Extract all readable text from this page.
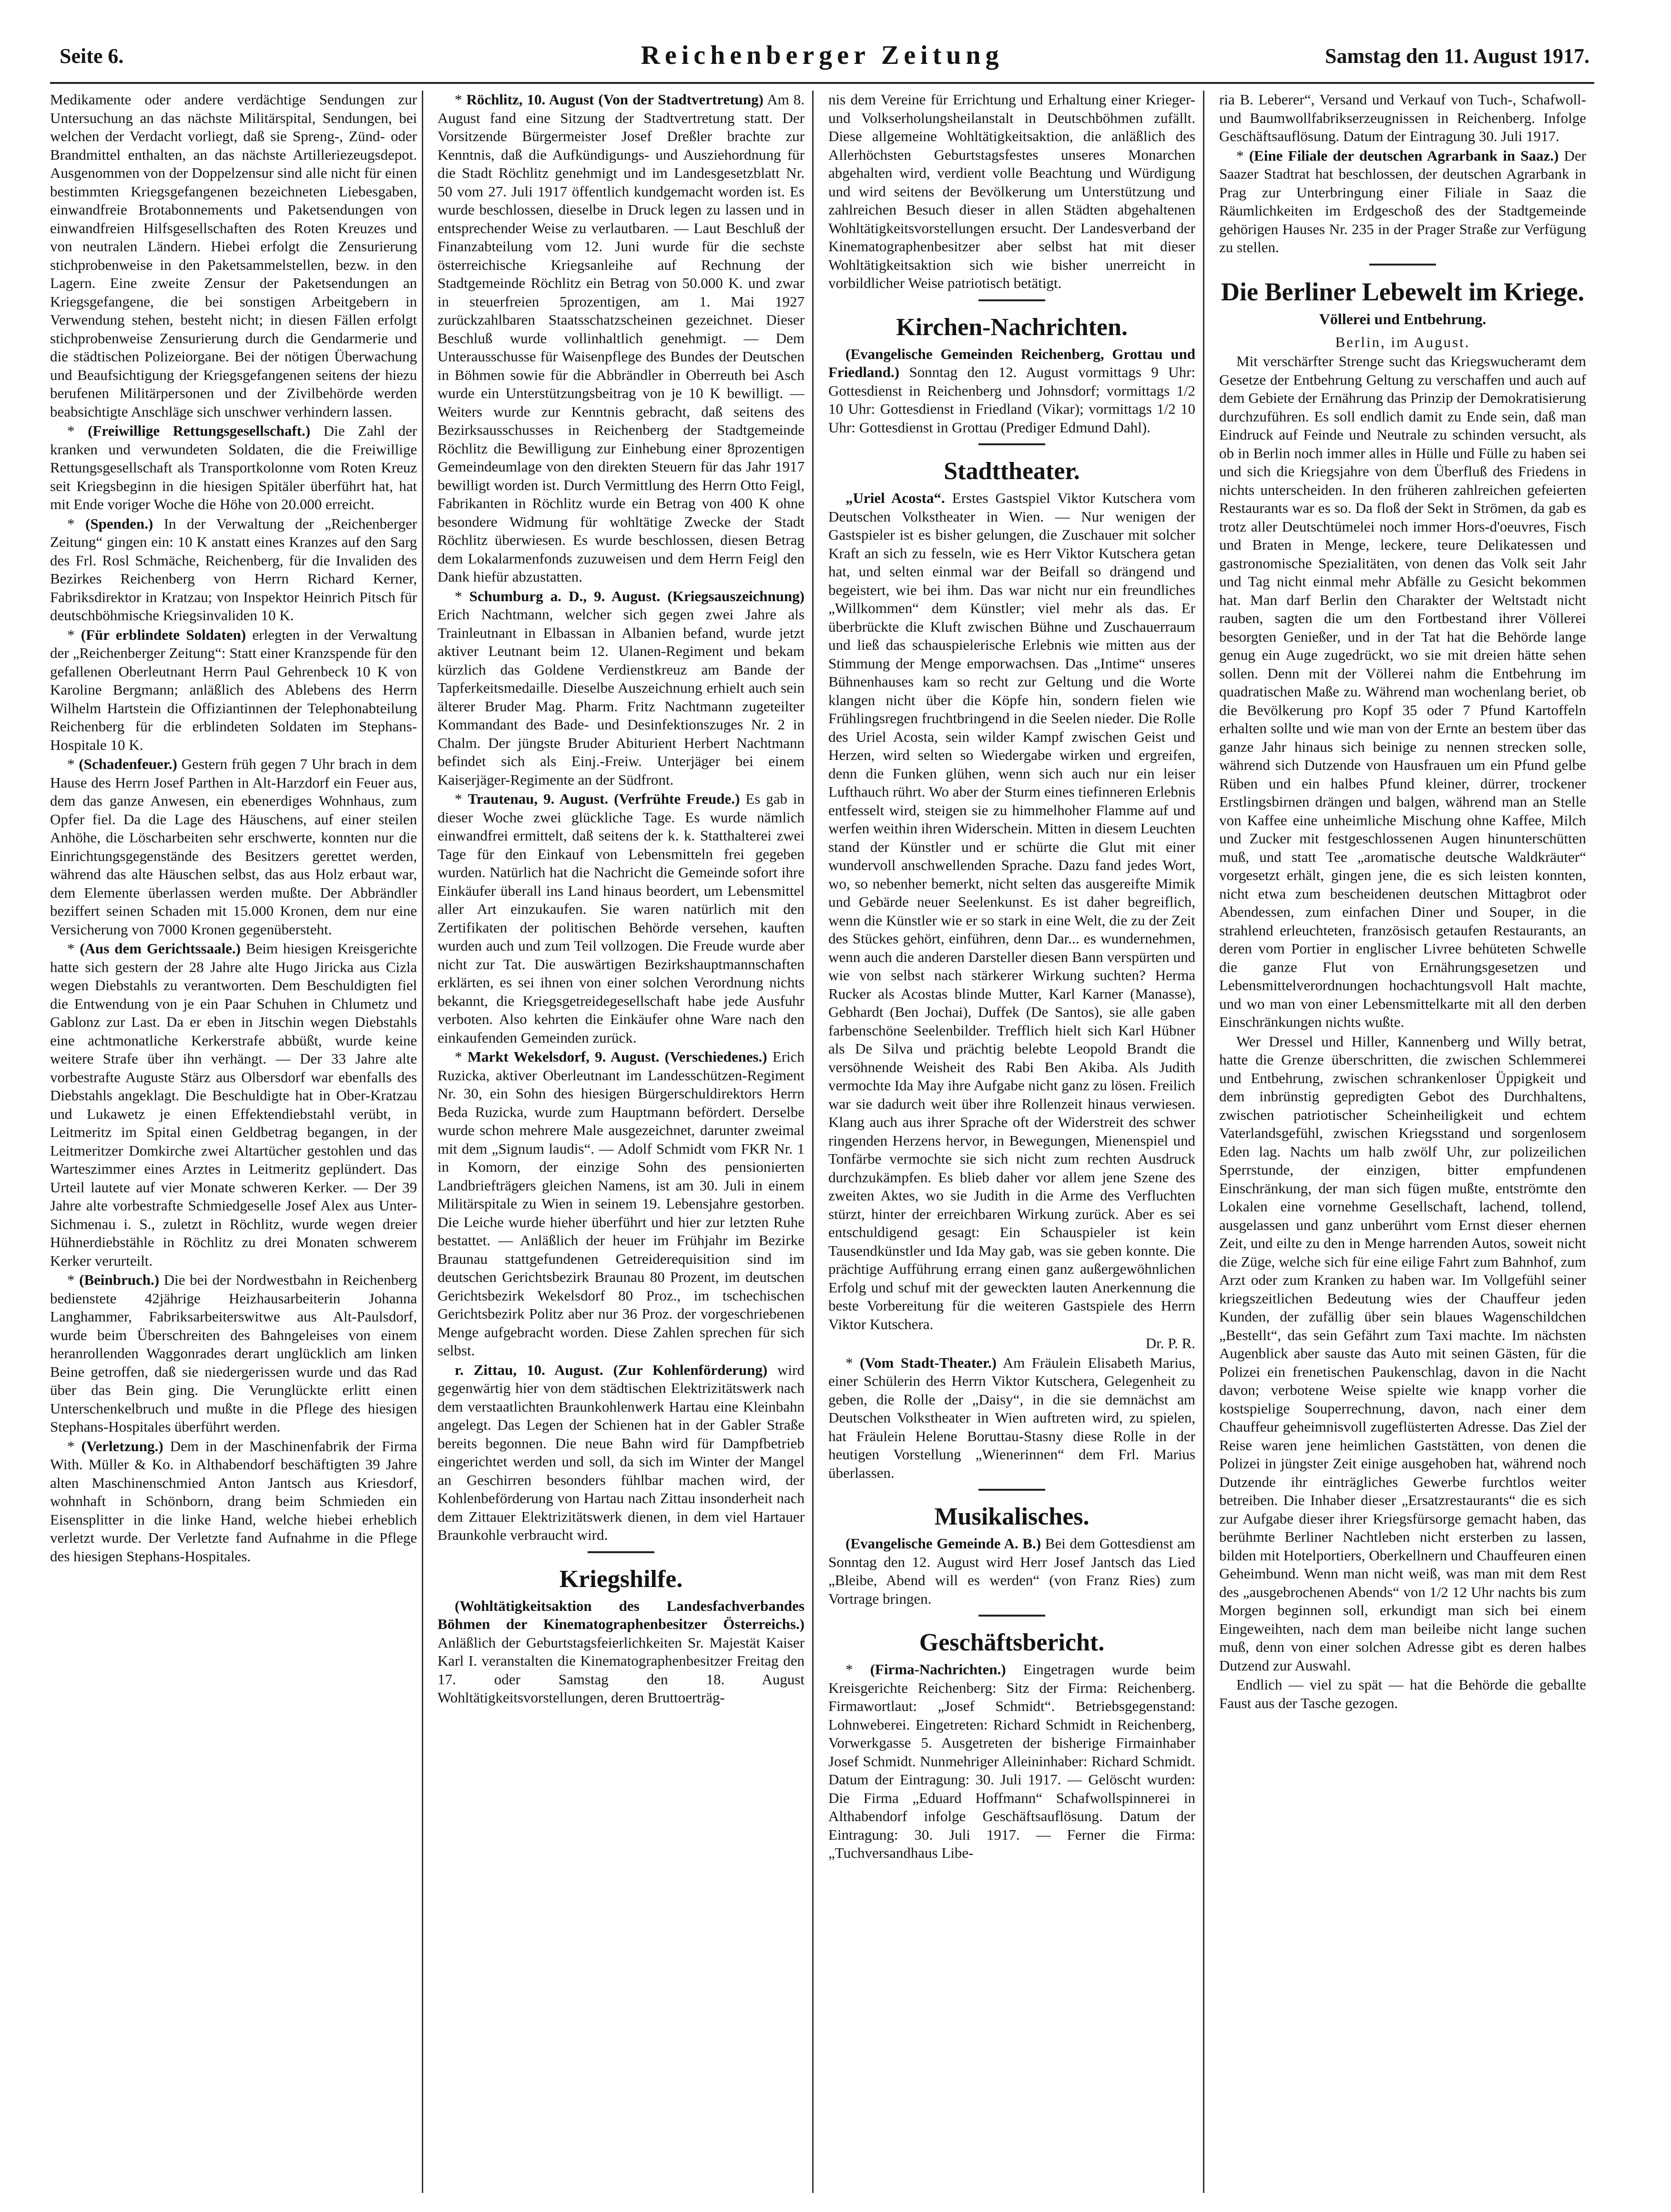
Seite 6.	Reichenberger Zeitung	Samstag den 11. August 1917.

Medikamente oder andere verdächtige Sendungen zur Untersuchung an das nächste Militärspital, Sendungen, bei welchen der Verdacht vorliegt, daß sie Spreng-, Zünd- oder Brandmittel enthalten, an das nächste Artilleriezeugsdepot. Ausgenommen von der Doppelzensur sind alle nicht für einen bestimmten Kriegsgefangenen bezeichneten Liebesgaben, einwandfreie Brotabonnements und Paketsendungen von einwandfreien Hilfsgesellschaften des Roten Kreuzes und von neutralen Ländern. Hiebei erfolgt die Zensurierung stichprobenweise in den Paketsammelstellen, bezw. in den Lagern. Eine zweite Zensur der Paketsendungen an Kriegsgefangene, die bei sonstigen Arbeitgebern in Verwendung stehen, besteht nicht; in diesen Fällen erfolgt stichprobenweise Zensurierung durch die Gendarmerie und die städtischen Polizeiorgane. Bei der nötigen Überwachung und Beaufsichtigung der Kriegsgefangenen seitens der hiezu berufenen Militärpersonen und der Zivilbehörde werden beabsichtigte Anschläge sich unschwer verhindern lassen.

* (Freiwillige Rettungsgesellschaft.) Die Zahl der kranken und verwundeten Soldaten, die die Freiwillige Rettungsgesellschaft als Transportkolonne vom Roten Kreuz seit Kriegsbeginn in die hiesigen Spitäler überführt hat, hat mit Ende voriger Woche die Höhe von 20.000 erreicht.

* (Spenden.) In der Verwaltung der „Reichenberger Zeitung“ gingen ein: 10 K anstatt eines Kranzes auf den Sarg des Frl. Rosl Schmäche, Reichenberg, für die Invaliden des Bezirkes Reichenberg von Herrn Richard Kerner, Fabriksdirektor in Kratzau; von Inspektor Heinrich Pitsch für deutschböhmische Kriegsinvaliden 10 K.

* (Für erblindete Soldaten) erlegten in der Verwaltung der „Reichenberger Zeitung“: Statt einer Kranzspende für den gefallenen Oberleutnant Herrn Paul Gehrenbeck 10 K von Karoline Bergmann; anläßlich des Ablebens des Herrn Wilhelm Hartstein die Offiziantinnen der Telephonabteilung Reichenberg für die erblindeten Soldaten im Stephans-Hospitale 10 K.

* (Schadenfeuer.) Gestern früh gegen 7 Uhr brach in dem Hause des Herrn Josef Parthen in Alt-Harzdorf ein Feuer aus, dem das ganze Anwesen, ein ebenerdiges Wohnhaus, zum Opfer fiel. Da die Lage des Häuschens, auf einer steilen Anhöhe, die Löscharbeiten sehr erschwerte, konnten nur die Einrichtungsgegenstände des Besitzers gerettet werden, während das alte Häuschen selbst, das aus Holz erbaut war, dem Elemente überlassen werden mußte. Der Abbrändler beziffert seinen Schaden mit 15.000 Kronen, dem nur eine Versicherung von 7000 Kronen gegenübersteht.

* (Aus dem Gerichtssaale.) Beim hiesigen Kreisgerichte hatte sich gestern der 28 Jahre alte Hugo Jiricka aus Cizla wegen Diebstahls zu verantworten. Dem Beschuldigten fiel die Entwendung von je ein Paar Schuhen in Chlumetz und Gablonz zur Last. Da er eben in Jitschin wegen Diebstahls eine achtmonatliche Kerkerstrafe abbüßt, wurde keine weitere Strafe über ihn verhängt. — Der 33 Jahre alte vorbestrafte Auguste Stärz aus Olbersdorf war ebenfalls des Diebstahls angeklagt. Die Beschuldigte hat in Ober-Kratzau und Lukawetz je einen Effektendiebstahl verübt, in Leitmeritz im Spital einen Geldbetrag begangen, in der Leitmeritzer Domkirche zwei Altartücher gestohlen und das Warteszimmer eines Arztes in Leitmeritz geplündert. Das Urteil lautete auf vier Monate schweren Kerker. — Der 39 Jahre alte vorbestrafte Schmiedgeselle Josef Alex aus Unter-Sichmenau i. S., zuletzt in Röchlitz, wurde wegen dreier Hühnerdiebstähle in Röchlitz zu drei Monaten schwerem Kerker verurteilt.

* (Beinbruch.) Die bei der Nordwestbahn in Reichenberg bedienstete 42jährige Heizhausarbeiterin Johanna Langhammer, Fabriksarbeiterswitwe aus Alt-Paulsdorf, wurde beim Überschreiten des Bahngeleises von einem heranrollenden Waggonrades derart unglücklich am linken Beine getroffen, daß sie niedergerissen wurde und das Rad über das Bein ging. Die Verunglückte erlitt einen Unterschenkelbruch und mußte in die Pflege des hiesigen Stephans-Hospitales überführt werden.

* (Verletzung.) Dem in der Maschinenfabrik der Firma With. Müller & Ko. in Althabendorf beschäftigten 39 Jahre alten Maschinenschmied Anton Jantsch aus Kriesdorf, wohnhaft in Schönborn, drang beim Schmieden ein Eisensplitter in die linke Hand, welche hiebei erheblich verletzt wurde. Der Verletzte fand Aufnahme in die Pflege des hiesigen Stephans-Hospitales.

* Röchlitz, 10. August (Von der Stadtvertretung) Am 8. August fand eine Sitzung der Stadtvertretung statt. Der Vorsitzende Bürgermeister Josef Dreßler brachte zur Kenntnis, daß die Aufkündigungs- und Ausziehordnung für die Stadt Röchlitz genehmigt und im Landesgesetzblatt Nr. 50 vom 27. Juli 1917 öffentlich kundgemacht worden ist. Es wurde beschlossen, dieselbe in Druck legen zu lassen und in entsprechender Weise zu verlautbaren. — Laut Beschluß der Finanzabteilung vom 12. Juni wurde für die sechste österreichische Kriegsanleihe auf Rechnung der Stadtgemeinde Röchlitz ein Betrag von 50.000 K. und zwar in steuerfreien 5prozentigen, am 1. Mai 1927 zurückzahlbaren Staatsschatzscheinen gezeichnet. Dieser Beschluß wurde vollinhaltlich genehmigt. — Dem Unterausschusse für Waisenpflege des Bundes der Deutschen in Böhmen sowie für die Abbrändler in Oberreuth bei Asch wurde ein Unterstützungsbeitrag von je 10 K bewilligt. — Weiters wurde zur Kenntnis gebracht, daß seitens des Bezirksausschusses in Reichenberg der Stadtgemeinde Röchlitz die Bewilligung zur Einhebung einer 8prozentigen Gemeindeumlage von den direkten Steuern für das Jahr 1917 bewilligt worden ist. Durch Vermittlung des Herrn Otto Feigl, Fabrikanten in Röchlitz wurde ein Betrag von 400 K ohne besondere Widmung für wohltätige Zwecke der Stadt Röchlitz überwiesen. Es wurde beschlossen, diesen Betrag dem Lokalarmenfonds zuzuweisen und dem Herrn Feigl den Dank hiefür abzustatten.

* Schumburg a. D., 9. August. (Kriegsauszeichnung) Erich Nachtmann, welcher sich gegen zwei Jahre als Trainleutnant in Elbassan in Albanien befand, wurde jetzt aktiver Leutnant beim 12. Ulanen-Regiment und bekam kürzlich das Goldene Verdienstkreuz am Bande der Tapferkeitsmedaille. Dieselbe Auszeichnung erhielt auch sein älterer Bruder Mag. Pharm. Fritz Nachtmann zugeteilter Kommandant des Bade- und Desinfektionszuges Nr. 2 in Chalm. Der jüngste Bruder Abiturient Herbert Nachtmann befindet sich als Einj.-Freiw. Unterjäger bei einem Kaiserjäger-Regimente an der Südfront.

* Trautenau, 9. August. (Verfrühte Freude.) Es gab in dieser Woche zwei glückliche Tage. Es wurde nämlich einwandfrei ermittelt, daß seitens der k. k. Statthalterei zwei Tage für den Einkauf von Lebensmitteln frei gegeben wurden. Natürlich hat die Nachricht die Gemeinde sofort ihre Einkäufer überall ins Land hinaus beordert, um Lebensmittel aller Art einzukaufen. Sie waren natürlich mit den Zertifikaten der politischen Behörde versehen, kauften wurden auch und zum Teil vollzogen. Die Freude wurde aber nicht zur Tat. Die auswärtigen Bezirkshauptmannschaften erklärten, es sei ihnen von einer solchen Verordnung nichts bekannt, die Kriegsgetreidegesellschaft habe jede Ausfuhr verboten. Also kehrten die Einkäufer ohne Ware nach den einkaufenden Gemeinden zurück.

* Markt Wekelsdorf, 9. August. (Verschiedenes.) Erich Ruzicka, aktiver Oberleutnant im Landesschützen-Regiment Nr. 30, ein Sohn des hiesigen Bürgerschuldirektors Herrn Beda Ruzicka, wurde zum Hauptmann befördert. Derselbe wurde schon mehrere Male ausgezeichnet, darunter zweimal mit dem „Signum laudis“. — Adolf Schmidt vom FKR Nr. 1 in Komorn, der einzige Sohn des pensionierten Landbriefträgers gleichen Namens, ist am 30. Juli in einem Militärspitale zu Wien in seinem 19. Lebensjahre gestorben. Die Leiche wurde hieher überführt und hier zur letzten Ruhe bestattet. — Anläßlich der heuer im Frühjahr im Bezirke Braunau stattgefundenen Getreiderequisition sind im deutschen Gerichtsbezirk Braunau 80 Prozent, im deutschen Gerichtsbezirk Wekelsdorf 80 Proz., im tschechischen Gerichtsbezirk Politz aber nur 36 Proz. der vorgeschriebenen Menge aufgebracht worden. Diese Zahlen sprechen für sich selbst.

r. Zittau, 10. August. (Zur Kohlenförderung) wird gegenwärtig hier von dem städtischen Elektrizitätswerk nach dem verstaatlichten Braunkohlenwerk Hartau eine Kleinbahn angelegt. Das Legen der Schienen hat in der Gabler Straße bereits begonnen. Die neue Bahn wird für Dampfbetrieb eingerichtet werden und soll, da sich im Winter der Mangel an Geschirren besonders fühlbar machen wird, der Kohlenbeförderung von Hartau nach Zittau insonderheit nach dem Zittauer Elektrizitätswerk dienen, in dem viel Hartauer Braunkohle verbraucht wird.

Kriegshilfe.

(Wohltätigkeitsaktion des Landesfachverbandes Böhmen der Kinematographenbesitzer Österreichs.) Anläßlich der Geburtstagsfeierlichkeiten Sr. Majestät Kaiser Karl I. veranstalten die Kinematographenbesitzer Freitag den 17. oder Samstag den 18. August Wohltätigkeitsvorstellungen, deren Bruttoerträg-

nis dem Vereine für Errichtung und Erhaltung einer Krieger- und Volkserholungsheilanstalt in Deutschböhmen zufällt. Diese allgemeine Wohltätigkeitsaktion, die anläßlich des Allerhöchsten Geburtstagsfestes unseres Monarchen abgehalten wird, verdient volle Beachtung und Würdigung und wird seitens der Bevölkerung um Unterstützung und zahlreichen Besuch dieser in allen Städten abgehaltenen Wohltätigkeitsvorstellungen ersucht. Der Landesverband der Kinematographenbesitzer aber selbst hat mit dieser Wohltätigkeitsaktion sich wie bisher unerreicht in vorbildlicher Weise patriotisch betätigt.

Kirchen-Nachrichten.

(Evangelische Gemeinden Reichenberg, Grottau und Friedland.) Sonntag den 12. August vormittags 9 Uhr: Gottesdienst in Reichenberg und Johnsdorf; vormittags 1/2 10 Uhr: Gottesdienst in Friedland (Vikar); vormittags 1/2 10 Uhr: Gottesdienst in Grottau (Prediger Edmund Dahl).

Stadttheater.

„Uriel Acosta“. Erstes Gastspiel Viktor Kutschera vom Deutschen Volkstheater in Wien. — Nur wenigen der Gastspieler ist es bisher gelungen, die Zuschauer mit solcher Kraft an sich zu fesseln, wie es Herr Viktor Kutschera getan hat, und selten einmal war der Beifall so drängend und begeistert, wie bei ihm. Das war nicht nur ein freundliches „Willkommen“ dem Künstler; viel mehr als das. Er überbrückte die Kluft zwischen Bühne und Zuschauerraum und ließ das schauspielerische Erlebnis wie mitten aus der Stimmung der Menge emporwachsen. Das „Intime“ unseres Bühnenhauses kam so recht zur Geltung und die Worte klangen nicht über die Köpfe hin, sondern fielen wie Frühlingsregen fruchtbringend in die Seelen nieder. Die Rolle des Uriel Acosta, sein wilder Kampf zwischen Geist und Herzen, wird selten so Wiedergabe wirken und ergreifen, denn die Funken glühen, wenn sich auch nur ein leiser Lufthauch rührt. Wo aber der Sturm eines tiefinneren Erlebnis entfesselt wird, steigen sie zu himmelhoher Flamme auf und werfen weithin ihren Widerschein. Mitten in diesem Leuchten stand der Künstler und er schürte die Glut mit einer wundervoll anschwellenden Sprache. Dazu fand jedes Wort, wo, so nebenher bemerkt, nicht selten das ausgereifte Mimik und Gebärde neuer Seelenkunst. Es ist daher begreiflich, wenn die Künstler wie er so stark in eine Welt, die zu der Zeit des Stückes gehört, einführen, denn Dar... es wundernehmen, wenn auch die anderen Darsteller diesen Bann verspürten und wie von selbst nach stärkerer Wirkung suchten? Herma Rucker als Acostas blinde Mutter, Karl Karner (Manasse), Gebhardt (Ben Jochai), Duffek (De Santos), sie alle gaben farbenschöne Seelenbilder. Trefflich hielt sich Karl Hübner als De Silva und prächtig belebte Leopold Brandt die versöhnende Weisheit des Rabi Ben Akiba. Als Judith vermochte Ida May ihre Aufgabe nicht ganz zu lösen. Freilich war sie dadurch weit über ihre Rollenzeit hinaus verwiesen. Klang auch aus ihrer Sprache oft der Widerstreit des schwer ringenden Herzens hervor, in Bewegungen, Mienenspiel und Tonfärbe vermochte sie sich nicht zum rechten Ausdruck durchzukämpfen. Es blieb daher vor allem jene Szene des zweiten Aktes, wo sie Judith in die Arme des Verfluchten stürzt, hinter der erreichbaren Wirkung zurück. Aber es sei entschuldigend gesagt: Ein Schauspieler ist kein Tausendkünstler und Ida May gab, was sie geben konnte. Die prächtige Aufführung errang einen ganz außergewöhnlichen Erfolg und schuf mit der geweckten lauten Anerkennung die beste Vorbereitung für die weiteren Gastspiele des Herrn Viktor Kutschera.

Dr. P. R.

* (Vom Stadt-Theater.) Am Fräulein Elisabeth Marius, einer Schülerin des Herrn Viktor Kutschera, Gelegenheit zu geben, die Rolle der „Daisy“, in die sie demnächst am Deutschen Volkstheater in Wien auftreten wird, zu spielen, hat Fräulein Helene Boruttau-Stasny diese Rolle in der heutigen Vorstellung „Wienerinnen“ dem Frl. Marius überlassen.

Musikalisches.

(Evangelische Gemeinde A. B.) Bei dem Gottesdienst am Sonntag den 12. August wird Herr Josef Jantsch das Lied „Bleibe, Abend will es werden“ (von Franz Ries) zum Vortrage bringen.

Geschäftsbericht.

* (Firma-Nachrichten.) Eingetragen wurde beim Kreisgerichte Reichenberg: Sitz der Firma: Reichenberg. Firmawortlaut: „Josef Schmidt“. Betriebsgegenstand: Lohnweberei. Eingetreten: Richard Schmidt in Reichenberg, Vorwerkgasse 5. Ausgetreten der bisherige Firmainhaber Josef Schmidt. Nunmehriger Alleininhaber: Richard Schmidt. Datum der Eintragung: 30. Juli 1917. — Gelöscht wurden: Die Firma „Eduard Hoffmann“ Schafwollspinnerei in Althabendorf infolge Geschäftsauflösung. Datum der Eintragung: 30. Juli 1917. — Ferner die Firma: „Tuchversandhaus Libe-

ria B. Leberer“, Versand und Verkauf von Tuch-, Schafwoll- und Baumwollfabrikserzeugnissen in Reichenberg. Infolge Geschäftsauflösung. Datum der Eintragung 30. Juli 1917.

* (Eine Filiale der deutschen Agrarbank in Saaz.) Der Saazer Stadtrat hat beschlossen, der deutschen Agrarbank in Prag zur Unterbringung einer Filiale in Saaz die Räumlichkeiten im Erdgeschoß des der Stadtgemeinde gehörigen Hauses Nr. 235 in der Prager Straße zur Verfügung zu stellen.

Die Berliner Lebewelt im Kriege.
Völlerei und Entbehrung.

Berlin, im August.

Mit verschärfter Strenge sucht das Kriegswucheramt dem Gesetze der Entbehrung Geltung zu verschaffen und auch auf dem Gebiete der Ernährung das Prinzip der Demokratisierung durchzuführen. Es soll endlich damit zu Ende sein, daß man Eindruck auf Feinde und Neutrale zu schinden versucht, als ob in Berlin noch immer alles in Hülle und Fülle zu haben sei und sich die Kriegsjahre von dem Überfluß des Friedens in nichts unterscheiden. In den früheren zahlreichen gefeierten Restaurants war es so. Da floß der Sekt in Strömen, da gab es trotz aller Deutschtümelei noch immer Hors-d'oeuvres, Fisch und Braten in Menge, leckere, teure Delikatessen und gastronomische Spezialitäten, von denen das Volk seit Jahr und Tag nicht einmal mehr Abfälle zu Gesicht bekommen hat. Man darf Berlin den Charakter der Weltstadt nicht rauben, sagten die um den Fortbestand ihrer Völlerei besorgten Genießer, und in der Tat hat die Behörde lange genug ein Auge zugedrückt, wo sie mit dreien hätte sehen sollen. Denn mit der Völlerei nahm die Entbehrung im quadratischen Maße zu. Während man wochenlang beriet, ob die Bevölkerung pro Kopf 35 oder 7 Pfund Kartoffeln erhalten sollte und wie man von der Ernte an bestem über das ganze Jahr hinaus sich beinige zu nennen strecken solle, während sich Dutzende von Hausfrauen um ein Pfund gelbe Rüben und ein halbes Pfund kleiner, dürrer, trockener Erstlingsbirnen drängen und balgen, während man an Stelle von Kaffee eine unheimliche Mischung ohne Kaffee, Milch und Zucker mit festgeschlossenen Augen hinunterschütten muß, und statt Tee „aromatische deutsche Waldkräuter“ vorgesetzt erhält, gingen jene, die es sich leisten konnten, nicht etwa zum bescheidenen deutschen Mittagbrot oder Abendessen, zum einfachen Diner und Souper, in die strahlend erleuchteten, französisch getaufen Restaurants, an deren vom Portier in englischer Livree behüteten Schwelle die ganze Flut von Ernährungsgesetzen und Lebensmittelverordnungen hochachtungsvoll Halt machte, und wo man von einer Lebensmittelkarte mit all den derben Einschränkungen nichts wußte.

Wer Dressel und Hiller, Kannenberg und Willy betrat, hatte die Grenze überschritten, die zwischen Schlemmerei und Entbehrung, zwischen schrankenloser Üppigkeit und dem inbrünstig gepredigten Gebot des Durchhaltens, zwischen patriotischer Scheinheiligkeit und echtem Vaterlandsgefühl, zwischen Kriegsstand und sorgenlosem Eden lag. Nachts um halb zwölf Uhr, zur polizeilichen Sperrstunde, der einzigen, bitter empfundenen Einschränkung, der man sich fügen mußte, entströmte den Lokalen eine vornehme Gesellschaft, lachend, tollend, ausgelassen und ganz unberührt vom Ernst dieser ehernen Zeit, und eilte zu den in Menge harrenden Autos, soweit nicht die Züge, welche sich für eine eilige Fahrt zum Bahnhof, zum Arzt oder zum Kranken zu haben war. Im Vollgefühl seiner kriegszeitlichen Bedeutung wies der Chauffeur jeden Kunden, der zufällig über sein blaues Wagenschildchen „Bestellt“, das sein Gefährt zum Taxi machte. Im nächsten Augenblick aber sauste das Auto mit seinen Gästen, für die Polizei ein frenetischen Paukenschlag, davon in die Nacht davon; verbotene Weise spielte wie knapp vorher die kostspielige Souperrechnung, davon, nach einer dem Chauffeur geheimnisvoll zugeflüsterten Adresse. Das Ziel der Reise waren jene heimlichen Gaststätten, von denen die Polizei in jüngster Zeit einige ausgehoben hat, während noch Dutzende ihr einträgliches Gewerbe furchtlos weiter betreiben. Die Inhaber dieser „Ersatzrestaurants“ die es sich zur Aufgabe dieser ihrer Kriegsfürsorge gemacht haben, das berühmte Berliner Nachtleben nicht ersterben zu lassen, bilden mit Hotelportiers, Oberkellnern und Chauffeuren einen Geheimbund. Wenn man nicht weiß, was man mit dem Rest des „ausgebrochenen Abends“ von 1/2 12 Uhr nachts bis zum Morgen beginnen soll, erkundigt man sich bei einem Eingeweihten, nach dem man beileibe nicht lange suchen muß, denn von einer solchen Adresse gibt es deren halbes Dutzend zur Auswahl.

Endlich — viel zu spät — hat die Behörde die geballte Faust aus der Tasche gezogen.
